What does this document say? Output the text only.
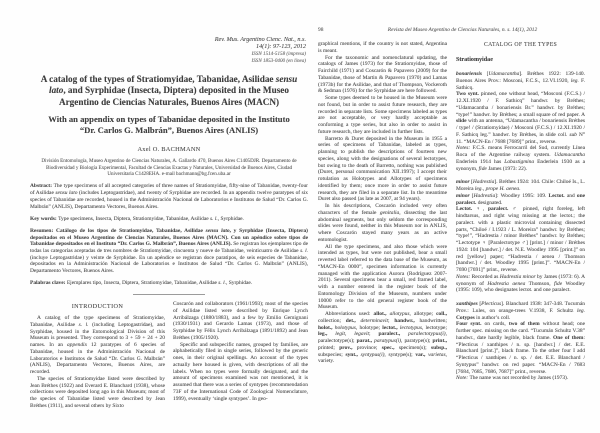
Rev. Mus. Argentino Cienc. Nat., n.s.
14(1): 97-123, 2012
ISSN 1514-5158 (impresa)
ISSN 1853-0400 (en línea)
A catalog of the types of Stratiomyidae, Tabanidae, Asilidae sensu lato, and Syrphidae (Insecta, Diptera) deposited in the Museo Argentino de Ciencias Naturales, Buenos Aires (MACN)
With an appendix on types of Tabanidae deposited in the Instituto “Dr. Carlos G. Malbrán”, Buenos Aires (ANLIS)
Axel O. BACHMANN
División Entomología, Museo Argentino de Ciencias Naturales, A. Gallardo 470, Buenos Aires C1405DJR. Departamento de Biodiversidad y Biología Experimental, Facultad de Ciencias Exactas y Naturales, Universidad de Buenos Aires, Ciudad Universitaria C1428EHA. e-mail bachmann@bg.fcen.uba.ar

Abstract: The type specimens of all accepted categories of three names of Stratiomyidae, fifty-nine of Tabanidae, twenty-four of Asilidae sensu lato (includes Leptogastridae), and twenty of Syrphidae are recorded. In an appendix twelve paratypes of six species of Tabanidae are recorded, housed in the Administración Nacional de Laboratorios e Institutos de Salud “Dr. Carlos G. Malbrán” (ANLIS), Departamento Vectores, Buenos Aires.

Key words: Type specimens, Insecta, Diptera, Stratiomyidae, Tabanidae, Asilidae s. l., Syrphidae.

Resumen: Catálogo de los tipos de Stratiomyidae, Tabanidae, Asilidae sensu lato, y Syrphidae (Insecta, Diptera) depositados en el Museo Argentino de Ciencias Naturales, Buenos Aires (MACN). Con un apéndice sobre tipos de Tabanidae depositados en el Instituto “Dr. Carlos G. Malbrán”, Buenos Aires (ANLIS). Se registran los ejemplares tipo de todas las categorías aceptadas de tres nombres de Stratiomyidae, cincuenta y nueve de Tabanidae, veinticuatro de Asilidae s. l. (incluye Leptogastridae) y veinte de Syrphidae. En un apéndice se registran doce paratipos, de seis especies de Tabanidae, depositados en la Administración Nacional de Laboratorios e Institutos de Salud “Dr. Carlos G. Malbrán” (ANLIS), Departamento Vectores, Buenos Aires.

Palabras clave: Ejemplares tipo, Insecta, Diptera, Stratiomyidae, Tabanidae, Asilidae s. l., Syrphidae.

INTRODUCTION

A catalog of the type specimens of Stratiomyidae, Tabanidae, Asilidae s. l. (including Leptogastridae), and Syrphidae, housed in the Entomological Division of this Museum is presented. They correspond to 3 + 59 + 24 + 20 names. In an appendix 12 paratypes of 6 species of Tabanidae, housed in the Administración Nacional de Laboratorios e Institutos de Salud “Dr. Carlos G. Malbrán” (ANLIS), Departamento Vectores, Buenos Aires, are recorded.

The species of Stratiomyidae listed were described by Jean Bréthes (1922) and Everard E. Blanchard (1938), whose collections were deposited long ago in this Museum; most of the species of Tabanidae listed were described by Jean Bréthes (1911), and several others by Sixto

Coscarón and collaborators (1961/1993); most of the species of Asilidae listed were described by Enrique Lynch Arribálzaga (1880/1883), and a few by Emilio Gemignani (1930/1931) and Gerardo Lamas (1973), and those of Syrphidae by Félix Lynch Arribálzaga (1891/1892) and Jean Bréthes (1905/1920).

Specific and subspecific names, grouped by families, are alphabetically filed in single series, followed by the generic ones, in their original spellings. An account of the types actually here housed is given, with descriptions of all the labels. When no types were formally designated, and the amount of specimens examined was not mentioned, it is assumed that there was a series of syntypes (recommendation 73F of the International Code of Zoological Nomenclature, 1999), eventually ‘single syntypes’. In geo-

98	Revista del Museo Argentino de Ciencias Naturales, n. s. 14(1), 2012

graphical mentions, if the country is not stated, Argentina is meant.

For the taxonomic and nomenclatural updating, the catalogs of James (1973) for the Stratiomyidae, those of Fairchild (1971) and Coscarón & Papavero (2009) for the Tabanidae, those of Martin & Papavero (1970) and Lamas (1973b) for the Asilidae, and that of Thompson, Vockeroth & Sedman (1976) for the Syrphidae are here followed.

Some types deemed to be housed in the Museum were not found, but in order to assist future research, they are recorded in separate lists. Some specimens labeled as types are not acceptable, or very hardly acceptable as conforming a type series, but also in order to assist in future research, they are included in further lists.

Barretto & Duret deposited in the Museum in 1955 a series of specimens of Tabanidae, labeled as types, planning to publish the descriptions of fourteen new species, along with the designations of several lectotypes, but owing to the death of Barretto, nothing was published (Duret, personal communication XII.1997); I accept their rotulation as Holotypes and Allotypes of specimens identified by them; once more in order to assist future research, they are filed in a separate list. In the meantime Duret also passed (as late as 2007, at 94 years).

In his descriptions, Coscarón included very often characters of the female genitalia, dissecting the last abdominal segments, but only seldom the corresponding slides were found, neither in this Museum nor in ANLIS, where Coscarón stayed many years as an active entomologist.

All the type specimens, and also those which were intended as types, but were not published, bear a small reverted label referred to the data base of the Museum, as “MACN-En 0000”, specimen information is currently managed with the application Aurora (Rodríguez 2007-2011). Several specimens bear a small, red framed label, with a number entered in the register book of the Entomology Division of the Museum, numbers under 10000 refer to the old general register book of the Museum.

Abbreviations used: allot., allotypus, allotype; coll., collection; det., determinavit; handwr., handwritten; holot., holotypus, holotype; lectot., lectotypus, lectotype; leg., legit, legavit; paralect., paralectotypus(i), paralectotype(s); parat., paratypus(i), paratype(s); print., printed; prov., province; spec., specimen(s); subsp., subspecies; synt., syntypus(i), syntype(s); var., varietas, variety.

CATALOG OF THE TYPES
Stratiomyidae

bonariensis [Udamacantha]. Bréthes 1922: 139-140. Buenos Aires Prov.: Mosconi, F.C.S., 12.VI.1920, leg. F. Sathicq.

Two synt. pinned, one without head, “Mosconi (F.C.S.) / 12.XI.1920 / F. Sathicq” handwr. by Bréthes; “Udamacantha / bonariensis Br.” handwr. by Bréthes; “type!” handwr. by Bréthes; a small square of red paper. A slide with an antenna, “Udamacantha / bonariensis Bréthes / type! / (Stratiomyidae) / Mosconi (F.C.S.) / 12.XI.1920 / F. Sathicq leg.” handwr. by Bréthes, in slide coll. sub N° 11. “MACN-En / 7688 [7689]” print., reverse.

Notes: F.C.S. means Ferrocarril del Sud, currently Línea Roca of the Argentine railway system. Udamacantha Enderlein 1914 has Labastigmina Enderlein 1930 as a synonym, fide James (1973: 22).

minor [Hadrestia]. Bréthes 1924: 104. Chile: Chiloé Is., L. Moreira leg., prope H. aenea.

minor [Hadrestia]: Woodley 1995: 109. Lectot. and one paralect. designated.

Lectot. ♀, paralect. ♂ pinned, right foreleg, left hindtarsus, and right wing missing at the lectot.; the paralect. with a plastic microvial containing dissected parts, “Chiloé / I.1923 / L. Moreira” handwr. by Bréthes; “type!”, “Hadrestia / minor Bréthes” handwr. by Bréthes; “Lectotype ♀ [Paralectotype ♂] [print.] / minor / Bréthes 1924: 104 [handwr.] / det. N.E. Woodley 1995 [print.]” on red [yellow] paper; “Hadrestia / aenea / Thomson [handwr.] / det. Woodley 1995 [print.]”. “MACN-En / 7690 [7691]” print., reverse.

Notes: Recorded as Hadrestia minor by James (1973: 6). A synonym of Hadrestia aenea Thomson, fide Woodley (1995: 109), who designates lectot. and one paralect.

xanthipes [Plecticus]. Blanchard 1938: 347-348. Tucumán Prov.: Lules, on orange-trees V.1938, F. Schultz leg. Cotypes in author’s coll.

Four synt. on cards, two of them without head; one further spec. missing on the card. “Tucumán Schultz V.38” handwr., date hardly legible, black frame. One of them: “Plecticus / xanthipes / n. sp. [handwr.] / det. E.E. Blanchard [print.]”, black frame. To the other four I add “Plecticus / xanthipes / n. sp. / det. E.E. Blanchard / Syntypus” handwr. on red paper. “MACN-En / 7683 [7684, 7685, 7686, 7687]” print., reverse.

Note: The name was not recorded by James (1973).
